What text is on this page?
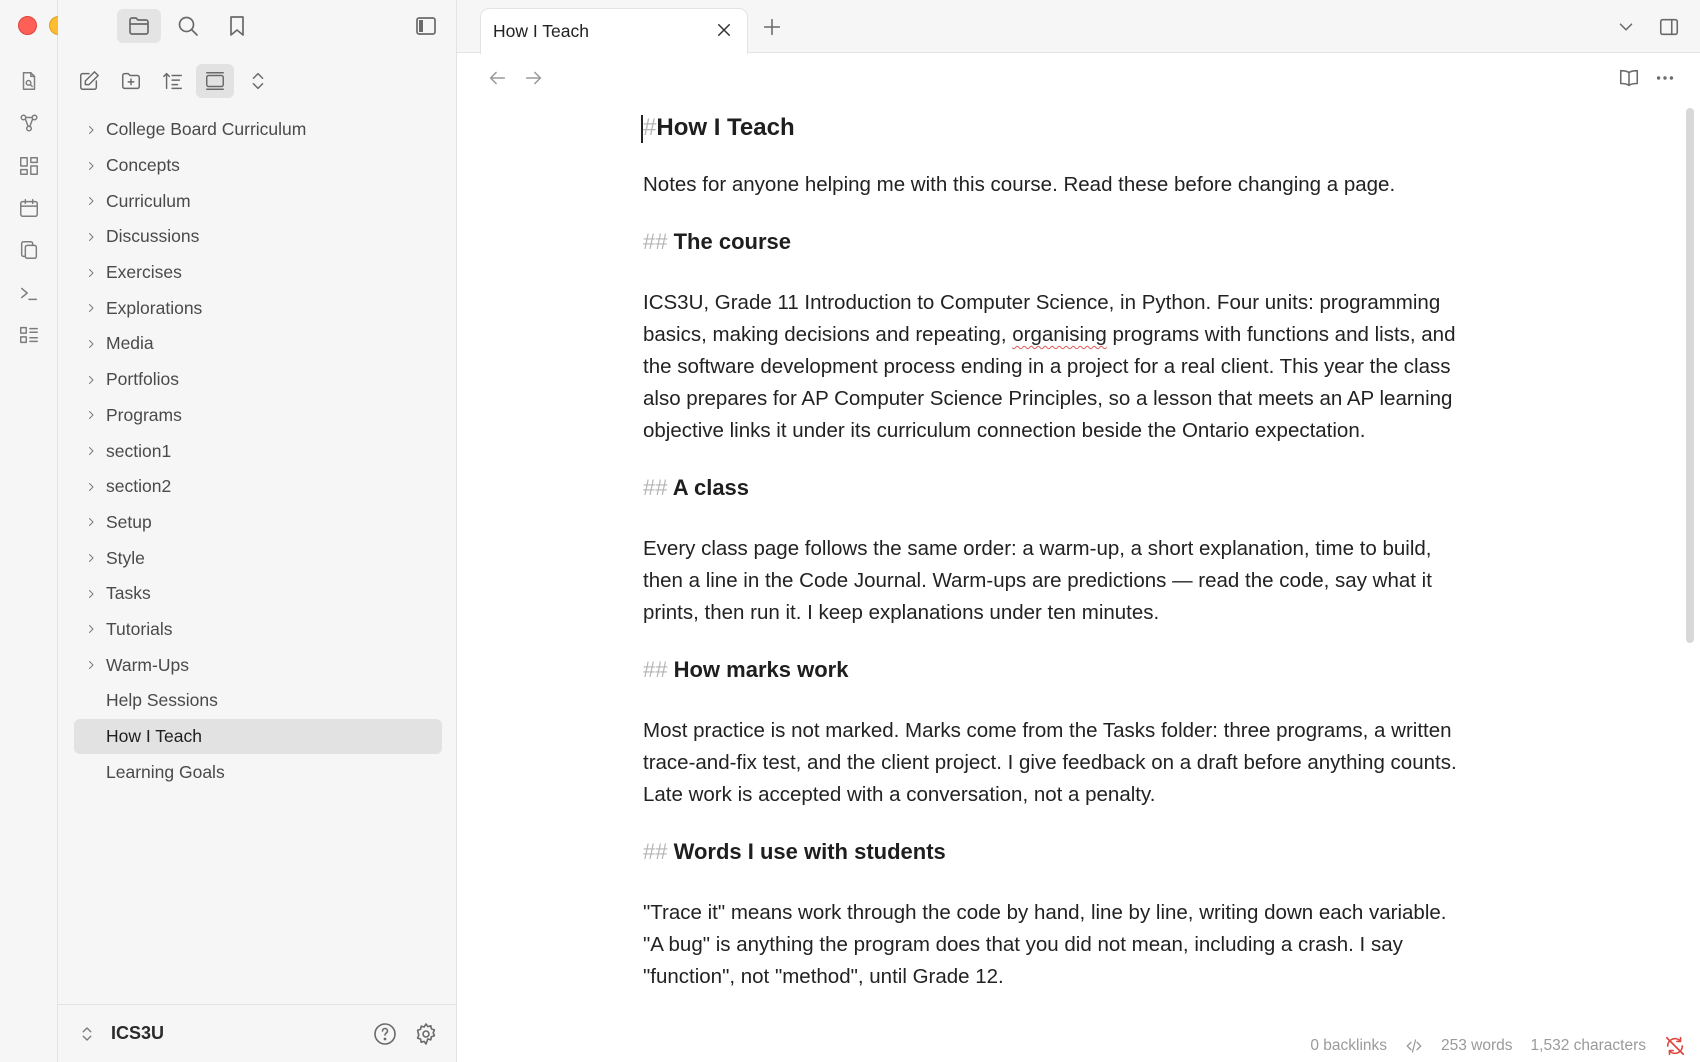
College Board Curriculum
Concepts
Curriculum
Discussions
Exercises
Explorations
Media
Portfolios
Programs
section1
section2
Setup
Style
Tasks
Tutorials
Warm-Ups
Help Sessions
How I Teach
Learning Goals
ICS3U
How I Teach
#How I Teach

Notes for anyone helping me with this course. Read these before changing a page.

## The course

ICS3U, Grade 11 Introduction to Computer Science, in Python. Four units: programming basics, making decisions and repeating, organising programs with functions and lists, and the software development process ending in a project for a real client. This year the class also prepares for AP Computer Science Principles, so a lesson that meets an AP learning objective links it under its curriculum connection beside the Ontario expectation.

## A class

Every class page follows the same order: a warm-up, a short explanation, time to build, then a line in the Code Journal. Warm-ups are predictions — read the code, say what it prints, then run it. I keep explanations under ten minutes.

## How marks work

Most practice is not marked. Marks come from the Tasks folder: three programs, a written trace-and-fix test, and the client project. I give feedback on a draft before anything counts. Late work is accepted with a conversation, not a penalty.

## Words I use with students

"Trace it" means work through the code by hand, line by line, writing down each variable. "A bug" is anything the program does that you did not mean, including a crash. I say "function", not "method", until Grade 12.

0 backlinks	253 words 1,532 characters
